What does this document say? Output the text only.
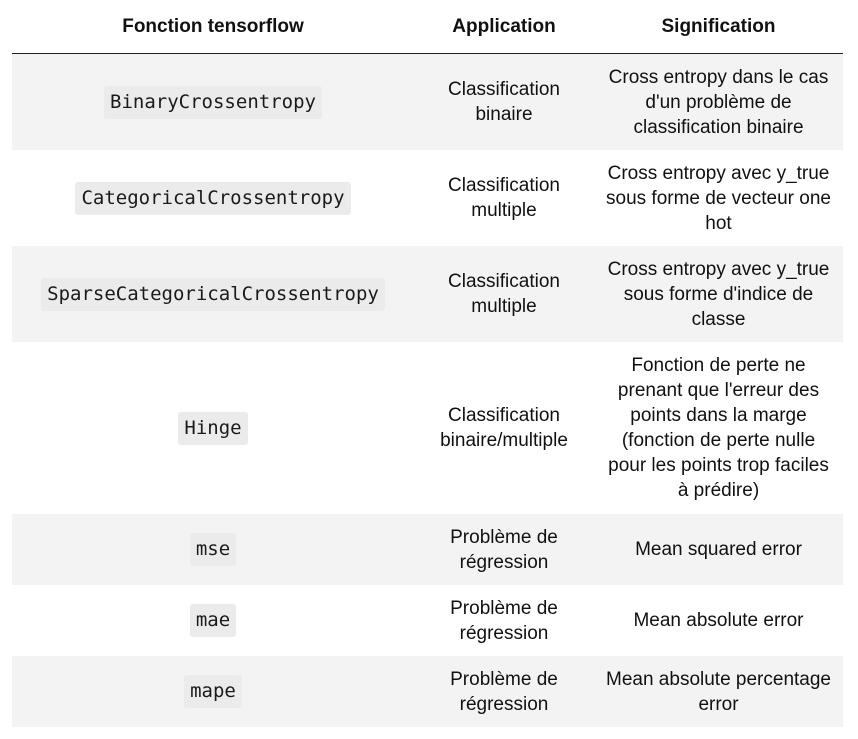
Fonction tensorflow	Application	Signification
BinaryCrossentropy
Classification binaire
Cross entropy dans le cas d'un problème de classification binaire
CategoricalCrossentropy
Classification multiple
Cross entropy avec y_true sous forme de vecteur one hot
SparseCategoricalCrossentropy
Classification multiple
Cross entropy avec y_true sous forme d'indice de classe
Hinge
Classification binaire/multiple
Fonction de perte ne prenant que l'erreur des points dans la marge (fonction de perte nulle pour les points trop faciles à prédire)
mse
Problème de régression
Mean squared error
mae
Problème de régression
Mean absolute error
mape
Problème de régression
Mean absolute percentage error
